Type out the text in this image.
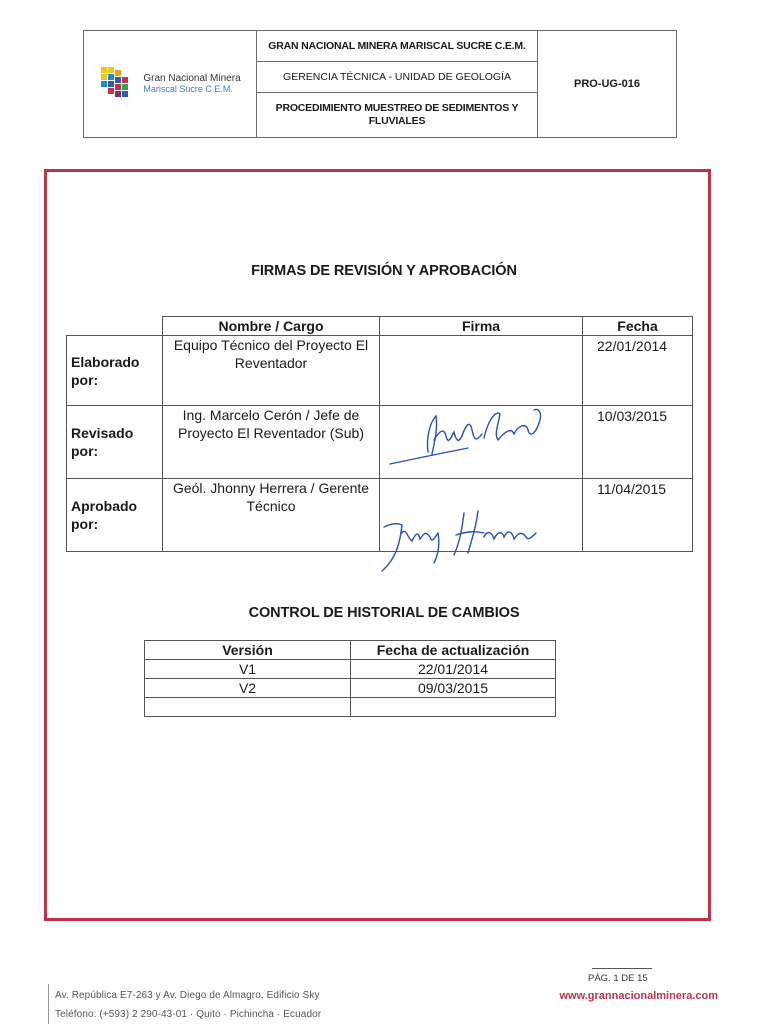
Gran Nacional Minera
Mariscal Sucre C.E.M.
	GRAN NACIONAL MINERA MARISCAL SUCRE C.E.M.	PRO-UG-016
GERENCIA TÉCNICA - UNIDAD DE GEOLOGÍA
PROCEDIMIENTO MUESTREO DE SEDIMENTOS Y FLUVIALES
FIRMAS DE REVISIÓN Y APROBACIÓN
	Nombre / Cargo	Firma	Fecha
Elaborado por:	Equipo Técnico del Proyecto El Reventador		22/01/2014
Revisado por:	Ing. Marcelo Cerón / Jefe de Proyecto El Reventador (Sub)		10/03/2015
Aprobado por:	Geól. Jhonny Herrera / Gerente Técnico		11/04/2015
CONTROL DE HISTORIAL DE CAMBIOS
Versión	Fecha de actualización
V1	22/01/2014
V2	09/03/2015

PÁG. 1 DE 15
Av. República E7-263 y Av. Diego de Almagro, Edificio Sky
Teléfono: (+593) 2 290-43-01 · Quito · Pichincha · Ecuador
www.grannacionalminera.com
